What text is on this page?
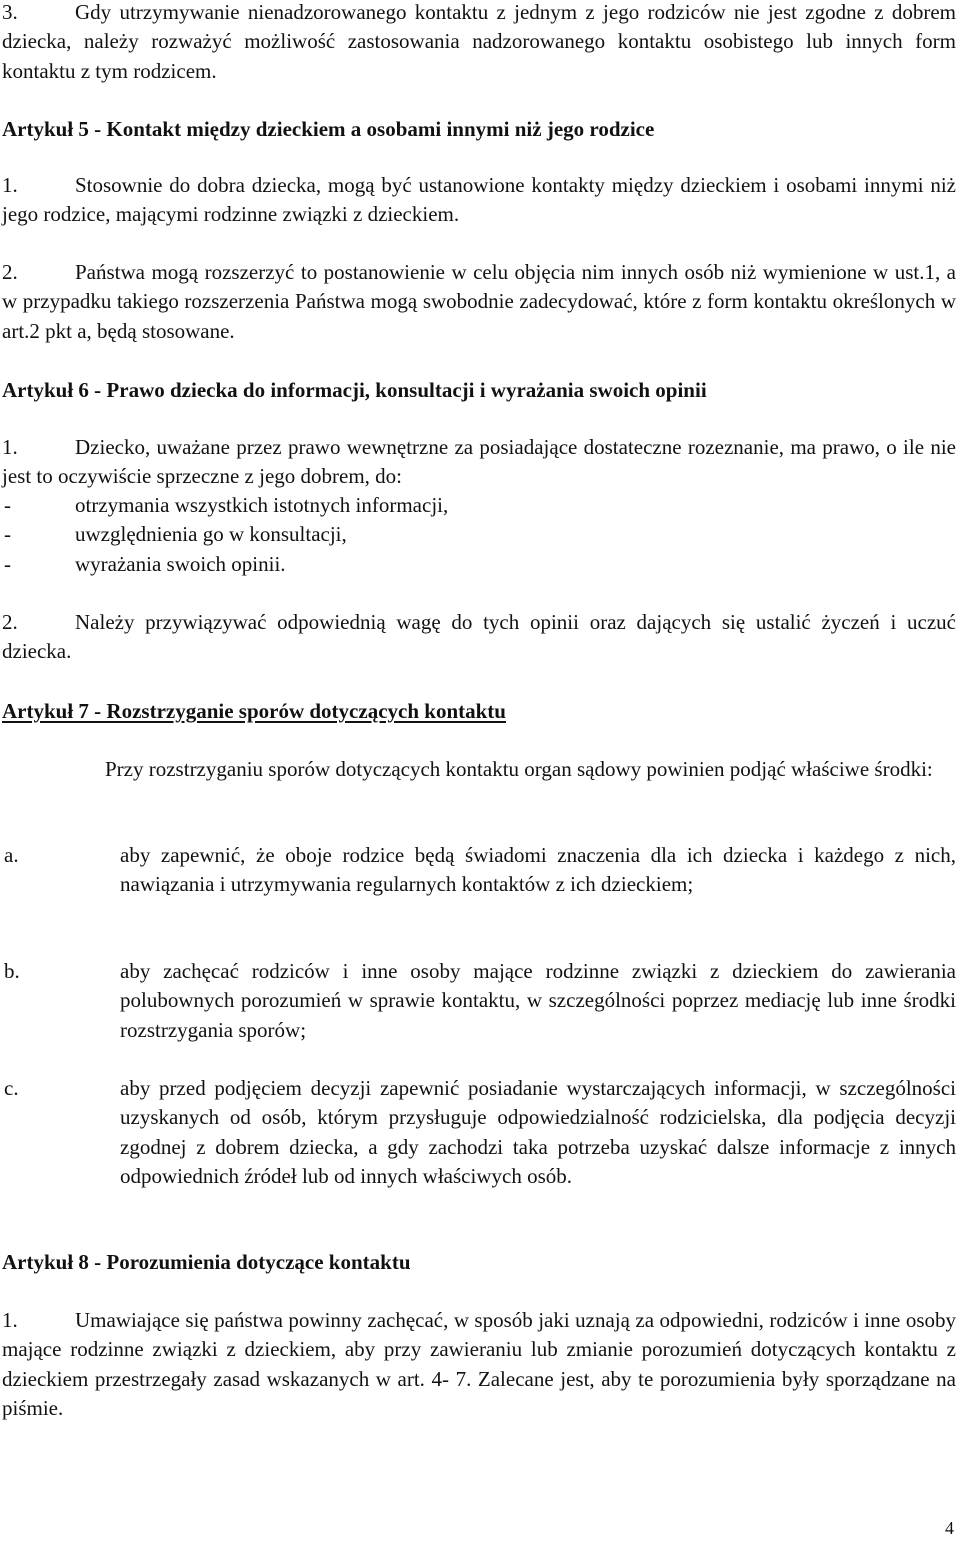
3.	Gdy utrzymywanie nienadzorowanego kontaktu z jednym z jego rodziców nie jest zgodne z dobrem dziecka, należy rozważyć możliwość zastosowania nadzorowanego kontaktu osobistego lub innych form kontaktu z tym rodzicem.

Artykuł 5 - Kontakt między dzieckiem a osobami innymi niż jego rodzice

1.	Stosownie do dobra dziecka, mogą być ustanowione kontakty między dzieckiem i osobami innymi niż jego rodzice, mającymi rodzinne związki z dzieckiem.

2.	Państwa mogą rozszerzyć to postanowienie w celu objęcia nim innych osób niż wymienione w ust.1, a w przypadku takiego rozszerzenia Państwa mogą swobodnie zadecydować, które z form kontaktu określonych w art.2 pkt a, będą stosowane.

Artykuł 6 - Prawo dziecka do informacji, konsultacji i wyrażania swoich opinii

1.	Dziecko, uważane przez prawo wewnętrzne za posiadające dostateczne rozeznanie, ma prawo, o ile nie jest to oczywiście sprzeczne z jego dobrem, do:

-	otrzymania wszystkich istotnych informacji,
-	uwzględnienia go w konsultacji,
-	wyrażania swoich opinii.

2.	Należy przywiązywać odpowiednią wagę do tych opinii oraz dających się ustalić życzeń i uczuć dziecka.

Artykuł 7 - Rozstrzyganie sporów dotyczących kontaktu

Przy rozstrzyganiu sporów dotyczących kontaktu organ sądowy powinien podjąć właściwe środki:

a.	aby zapewnić, że oboje rodzice będą świadomi znaczenia dla ich dziecka i każdego z nich, nawiązania i utrzymywania regularnych kontaktów z ich dzieckiem;

b.	aby zachęcać rodziców i inne osoby mające rodzinne związki z dzieckiem do zawierania polubownych porozumień w sprawie kontaktu, w szczególności poprzez mediację lub inne środki rozstrzygania sporów;

c.	aby przed podjęciem decyzji zapewnić posiadanie wystarczających informacji, w szczególności uzyskanych od osób, którym przysługuje odpowiedzialność rodzicielska, dla podjęcia decyzji zgodnej z dobrem dziecka, a gdy zachodzi taka potrzeba uzyskać dalsze informacje z innych odpowiednich źródeł lub od innych właściwych osób.

Artykuł 8 - Porozumienia dotyczące kontaktu

1.	Umawiające się państwa powinny zachęcać, w sposób jaki uznają za odpowiedni, rodziców i inne osoby mające rodzinne związki z dzieckiem, aby przy zawieraniu lub zmianie porozumień dotyczących kontaktu z dzieckiem przestrzegały zasad wskazanych w art. 4- 7. Zalecane jest, aby te porozumienia były sporządzane na piśmie.

4
